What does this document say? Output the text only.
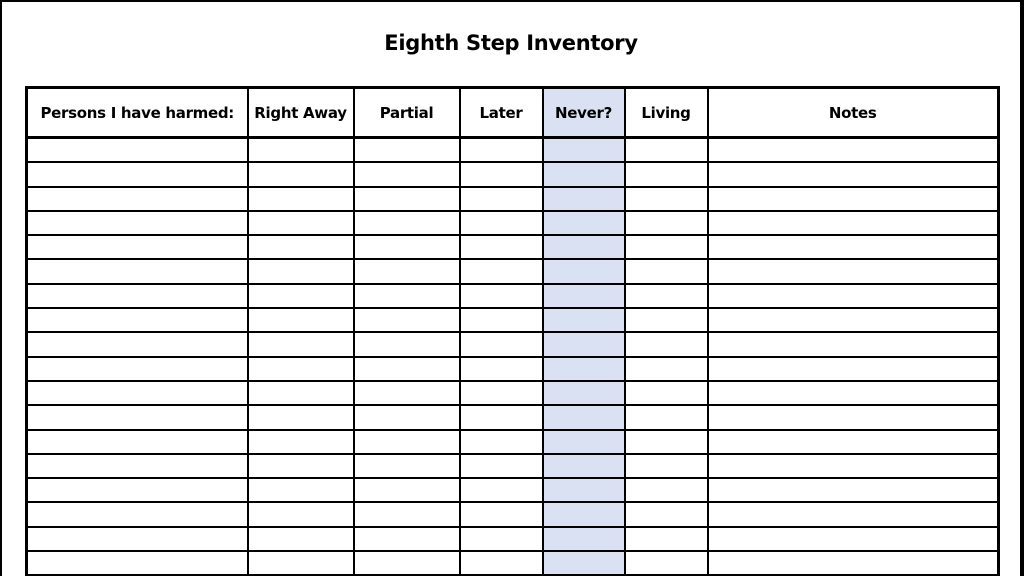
Eighth Step Inventory
Persons I have harmed:	Right Away	Partial	Later	Never?	Living	Notes
